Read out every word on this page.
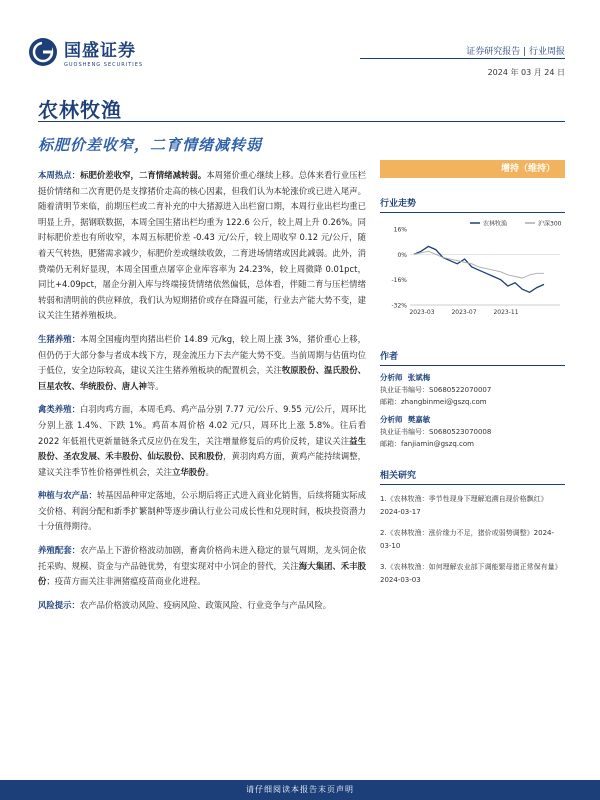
国盛证券
GUOSHENG SECURITIES
证券研究报告 | 行业周报
2024 年 03 月 24 日
农林牧渔
标肥价差收窄，二育情绪减转弱

本周热点：标肥价差收窄，二育情绪减转弱。本周猪价重心继续上移。总体来看行业压栏挺价情绪和二次育肥仍是支撑猪价走高的核心因素，但我们认为本轮涨价或已进入尾声。随着清明节来临，前期压栏或二育补充的中大猪源进入出栏窗口期，本周行业出栏均重已明显上升，据钢联数据，本周全国生猪出栏均重为 122.6 公斤，较上周上升 0.26%。同时标肥价差也有所收窄，本周五标肥价差 -0.43 元/公斤，较上周收窄 0.12 元/公斤，随着天气转热，肥猪需求减少，标肥价差或继续收敛，二育进场情绪或因此减弱。此外，消费端仍无利好显现，本周全国重点屠宰企业库容率为 24.23%，较上周微降 0.01pct，同比+4.09pct，屠企分割入库与终端接货情绪依然偏低，总体看，伴随二育与压栏情绪转弱和清明前的供应释放，我们认为短期猪价或存在降温可能，行业去产能大势不变，建议关注生猪养殖板块。

生猪养殖：本周全国瘦肉型肉猪出栏价 14.89 元/kg，较上周上涨 3%，猪价重心上移，但仍仍于大部分参与者成本线下方，现金流压力下去产能大势不变。当前周期与估值均位于低位，安全边际较高，建议关注生猪养殖板块的配置机会，关注牧原股份、温氏股份、巨星农牧、华统股份、唐人神等。

禽类养殖：白羽肉鸡方面，本周毛鸡、鸡产品分别 7.77 元/公斤、9.55 元/公斤，周环比分别上涨 1.4%、下跌 1%。鸡苗本周价格 4.02 元/只，周环比上涨 5.8%。往后看 2022 年低祖代更新量链条式反应仍在发生，关注增量修复后的鸡价反转，建议关注益生股份、圣农发展、禾丰股份、仙坛股份、民和股份，黄羽肉鸡方面，黄鸡产能持续调整，建议关注季节性价格弹性机会，关注立华股份。

种植与农产品：转基因品种审定落地，公示期后将正式进入商业化销售，后续将随实际成交价格、利润分配和新季扩繁制种等逐步确认行业公司成长性和兑现时间，板块投资潜力十分值得期待。

养殖配套：农产品上下游价格波动加剧，畜禽价格尚未进入稳定的景气周期，龙头饲企依托采购、规模、资金与产品链优势，有望实现对中小饲企的替代，关注海大集团、禾丰股份；疫苗方面关注非洲猪瘟疫苗商业化进程。

风险提示：农产品价格波动风险、疫病风险、政策风险、行业竞争与产品风险。

增持（维持）
行业走势
16%
0%
-16%
-32%
2023-03	2023-07	2023-11
农林牧渔	沪深300
作者
分析师 张斌梅
执业证书编号：S0680522070007
邮箱：zhangbinmei@gszq.com
分析师 樊嘉敏
执业证书编号：S0680523070008
邮箱：fanjiamin@gszq.com
相关研究
1.《农林牧渔：季节性现身下理解追溯自现价格飘红》2024-03-17
2.《农林牧渔：涨价缘力不足，猪价或弱势调整》2024-03-10
3.《农林牧渔：如何理解农业部下调能繁母猪正常保有量》2024-03-03
请仔细阅读本报告末页声明
